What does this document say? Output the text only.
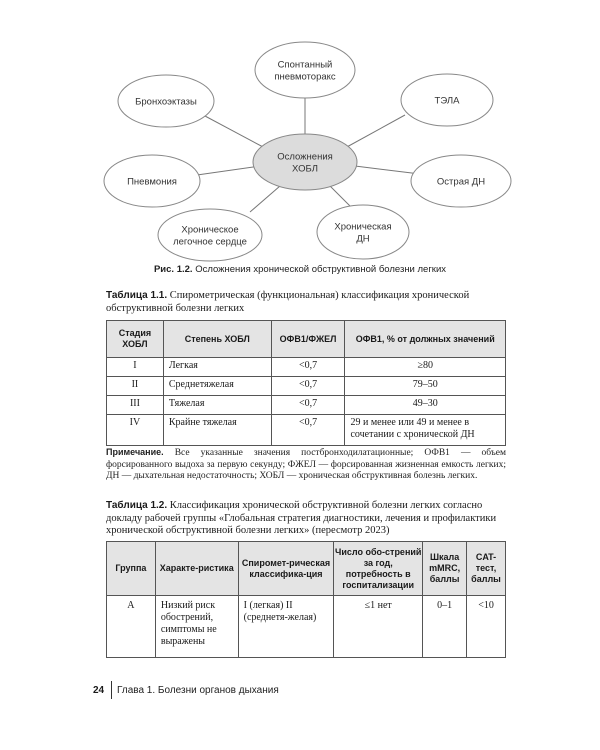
Спонтанный пневмоторакс
ТЭЛА
Острая ДН
Хроническая ДН
Хроническое легочное сердце
Пневмония
Бронхоэктазы
Осложнения ХОБЛ
Рис. 1.2. Осложнения хронической обструктивной болезни легких
Таблица 1.1. Спирометрическая (функциональная) классификация хронической обструктивной болезни легких
Стадия ХОБЛ	Степень ХОБЛ	ОФВ1/ФЖЕЛ	ОФВ1, % от должных значений
I	Легкая	<0,7	≥80
II	Среднетяжелая	<0,7	79–50
III	Тяжелая	<0,7	49–30
IV	Крайне тяжелая	<0,7	29 и менее или 49 и менее в сочетании с хронической ДН
Примечание. Все указанные значения постбронходилатационные; ОФВ1 — объем форсированного выдоха за первую секунду; ФЖЕЛ — форсированная жизненная емкость легких; ДН — дыхательная недостаточность; ХОБЛ — хроническая обструктивная болезнь легких.
Таблица 1.2. Классификация хронической обструктивной болезни легких согласно докладу рабочей группы «Глобальная стратегия диагностики, лечения и профилактики хронической обструктивной болезни легких» (пересмотр 2023)
Группа	Характе-ристика	Спиромет-рическая классифика-ция	Число обо-стрений за год, потребность в госпитализации	Шкала mMRC, баллы	CAT-тест, баллы
А	Низкий риск обострений, симптомы не выражены	I (легкая) II (среднетя-желая)	≤1 нет	0–1	<10
24 Глава 1. Болезни органов дыхания
